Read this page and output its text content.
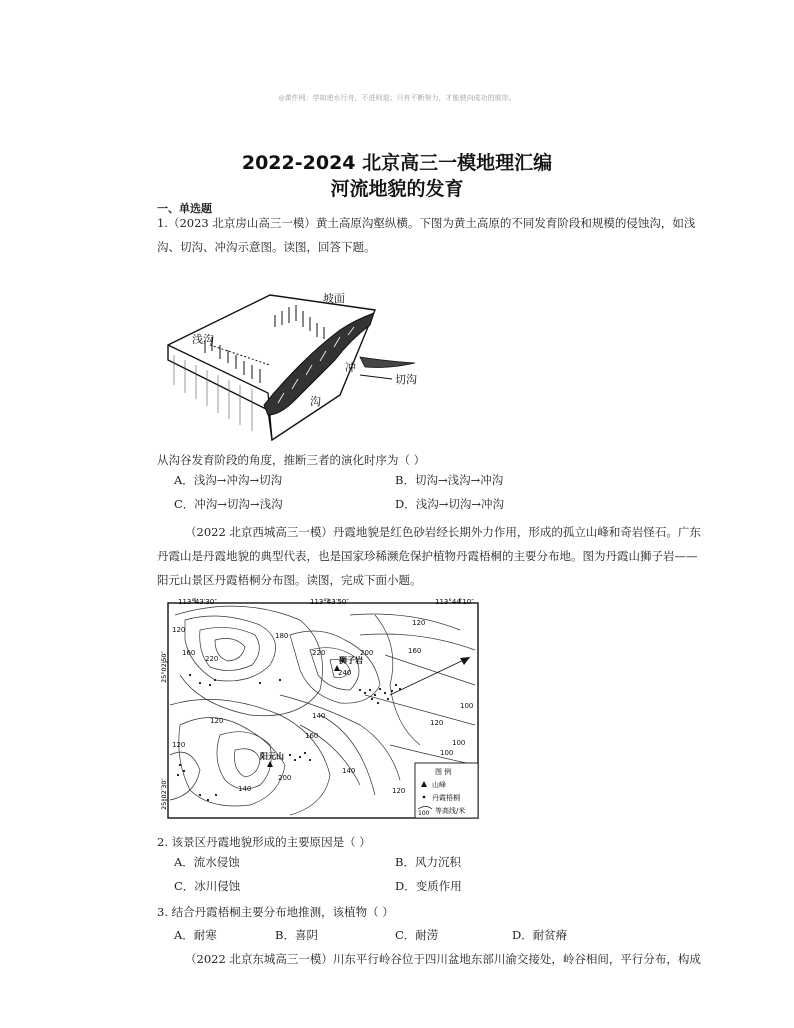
◎课件网：学如逆水行舟，不进则退；只有不断努力，才能驶向成功的彼岸。
2022-2024 北京高三一模地理汇编
河流地貌的发育
一、单选题
1.（2023 北京房山高三一模）黄土高原沟壑纵横。下图为黄土高原的不同发育阶段和规模的侵蚀沟，如浅
沟、切沟、冲沟示意图。读图，回答下题。
坡面
浅沟
冲
沟
切沟
从沟谷发育阶段的角度，推断三者的演化时序为（ ）
A．浅沟→冲沟→切沟	B．切沟→浅沟→冲沟
C．冲沟→切沟→浅沟	D．浅沟→切沟→冲沟
（2022 北京西城高三一模）丹霞地貌是红色砂岩经长期外力作用，形成的孤立山峰和奇岩怪石。广东
丹霞山是丹霞地貌的典型代表，也是国家珍稀濒危保护植物丹霞梧桐的主要分布地。图为丹霞山狮子岩——
阳元山景区丹霞梧桐分布图。读图，完成下面小题。
113°43′30″	113°43′50″	113°44′10″
25°02′50″
25°02′30″
狮子岩
240
阳元山
120
160
220
180
220	200	160
120
100
120
140
140
120
120
160
200
140	120
100
100
图 例
山峰
丹霞梧桐
100 等高线/米
2. 该景区丹霞地貌形成的主要原因是（ ）
A．流水侵蚀	B．风力沉积
C．冰川侵蚀	D．变质作用
3. 结合丹霞梧桐主要分布地推测，该植物（ ）
A．耐寒	B．喜阴	C．耐涝	D．耐贫瘠
（2022 北京东城高三一模）川东平行岭谷位于四川盆地东部川渝交接处，岭谷相间，平行分布，构成
